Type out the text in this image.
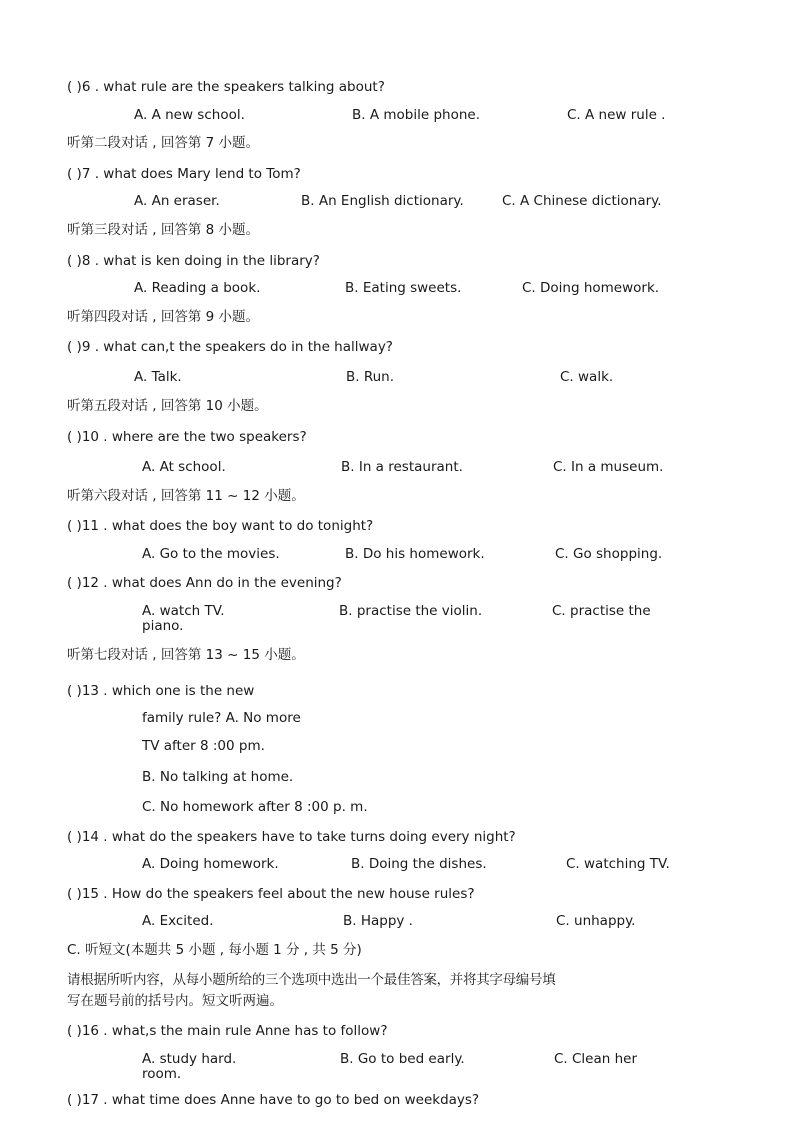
( )6 . what rule are the speakers talking about?
A. A new school.	B. A mobile phone.	C. A new rule .
听第二段对话 , 回答第 7 小题。
( )7 . what does Mary lend to Tom?
A. An eraser.	B. An English dictionary.	C. A Chinese dictionary.
听第三段对话 , 回答第 8 小题。
( )8 . what is ken doing in the library?
A. Reading a book.	B. Eating sweets.	C. Doing homework.
听第四段对话 , 回答第 9 小题。
( )9 . what can,t the speakers do in the hallway?
A. Talk.	B. Run.	C. walk.
听第五段对话 , 回答第 10 小题。
( )10 . where are the two speakers?
A. At school.	B. In a restaurant.	C. In a museum.
听第六段对话 , 回答第 11 ~ 12 小题。
( )11 . what does the boy want to do tonight?
A. Go to the movies.	B. Do his homework.	C. Go shopping.
( )12 . what does Ann do in the evening?
A. watch TV.	B. practise the violin.	C. practise the
piano.
听第七段对话 , 回答第 13 ~ 15 小题。
( )13 . which one is the new
family rule? A. No more
TV after 8 :00 pm.
B. No talking at home.
C. No homework after 8 :00 p. m.
( )14 . what do the speakers have to take turns doing every night?
A. Doing homework.	B. Doing the dishes.	C. watching TV.
( )15 . How do the speakers feel about the new house rules?
A. Excited.	B. Happy .	C. unhappy.
C. 听短文(本题共 5 小题 , 每小题 1 分 , 共 5 分)
请根据所听内容，从每小题所给的三个选项中选出一个最佳答案，并将其字母编号填
写在题号前的括号内。短文听两遍。
( )16 . what,s the main rule Anne has to follow?
A. study hard.	B. Go to bed early.	C. Clean her
room.
( )17 . what time does Anne have to go to bed on weekdays?
